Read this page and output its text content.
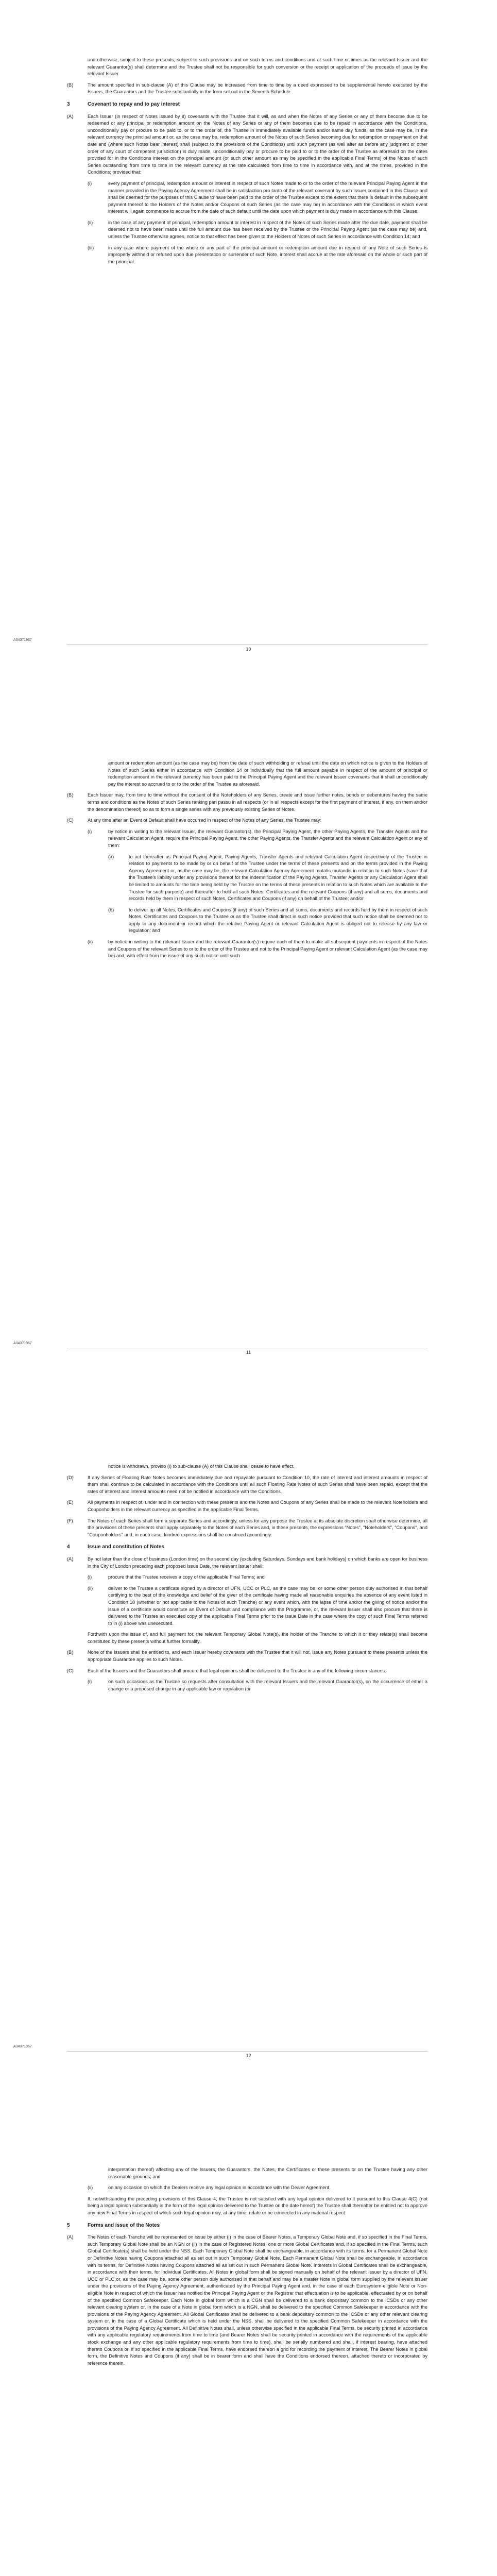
and otherwise, subject to these presents, subject to such provisions and on such terms and conditions and at such time or times as the relevant Issuer and the relevant Guarantor(s) shall determine and the Trustee shall not be responsible for such conversion or the receipt or application of the proceeds of issue by the relevant Issuer.
(B)	The amount specified in sub-clause (A) of this Clause may be increased from time to time by a deed expressed to be supplemental hereto executed by the Issuers, the Guarantors and the Trustee substantially in the form set out in the Seventh Schedule.
3	Covenant to repay and to pay interest
(A)	Each Issuer (in respect of Notes issued by it) covenants with the Trustee that it will, as and when the Notes of any Series or any of them become due to be redeemed or any principal or redemption amount on the Notes of any Series or any of them becomes due to be repaid in accordance with the Conditions, unconditionally pay or procure to be paid to, or to the order of, the Trustee in immediately available funds and/or same day funds, as the case may be, in the relevant currency the principal amount or, as the case may be, redemption amount of the Notes of such Series becoming due for redemption or repayment on that date and (where such Notes bear interest) shall (subject to the provisions of the Conditions) until such payment (as well after as before any judgment or other order of any court of competent jurisdiction) is duly made, unconditionally pay or procure to be paid to or to the order of the Trustee as aforesaid on the dates provided for in the Conditions interest on the principal amount (or such other amount as may be specified in the applicable Final Terms) of the Notes of such Series outstanding from time to time in the relevant currency at the rate calculated from time to time in accordance with, and at the times, provided in the Conditions; provided that:
(i)	every payment of principal, redemption amount or interest in respect of such Notes made to or to the order of the relevant Principal Paying Agent in the manner provided in the Paying Agency Agreement shall be in satisfaction pro tanto of the relevant covenant by such Issuer contained in this Clause and shall be deemed for the purposes of this Clause to have been paid to the order of the Trustee except to the extent that there is default in the subsequent payment thereof to the Holders of the Notes and/or Coupons of such Series (as the case may be) in accordance with the Conditions in which event interest will again commence to accrue from the date of such default until the date upon which payment is duly made in accordance with this Clause;
(ii)	in the case of any payment of principal, redemption amount or interest in respect of the Notes of such Series made after the due date, payment shall be deemed not to have been made until the full amount due has been received by the Trustee or the Principal Paying Agent (as the case may be) and, unless the Trustee otherwise agrees, notice to that effect has been given to the Holders of Notes of such Series in accordance with Condition 14; and
(iii)	in any case where payment of the whole or any part of the principal amount or redemption amount due in respect of any Note of such Series is improperly withheld or refused upon due presentation or surrender of such Note, interest shall accrue at the rate aforesaid on the whole or such part of the principal
A34371967
10
amount or redemption amount (as the case may be) from the date of such withholding or refusal until the date on which notice is given to the Holders of Notes of such Series either in accordance with Condition 14 or individually that the full amount payable in respect of the amount of principal or redemption amount in the relevant currency has been paid to the Principal Paying Agent and the relevant Issuer covenants that it shall unconditionally pay the interest so accrued to or to the order of the Trustee as aforesaid.
(B)	Each Issuer may, from time to time without the consent of the Noteholders of any Series, create and issue further notes, bonds or debentures having the same terms and conditions as the Notes of such Series ranking pari passu in all respects (or in all respects except for the first payment of interest, if any, on them and/or the denomination thereof) so as to form a single series with any previously existing Series of Notes.
(C)	At any time after an Event of Default shall have occurred in respect of the Notes of any Series, the Trustee may:
(i)	by notice in writing to the relevant Issuer, the relevant Guarantor(s), the Principal Paying Agent, the other Paying Agents, the Transfer Agents and the relevant Calculation Agent, require the Principal Paying Agent, the other Paying Agents, the Transfer Agents and the relevant Calculation Agent or any of them:
(a)	to act thereafter as Principal Paying Agent, Paying Agents, Transfer Agents and relevant Calculation Agent respectively of the Trustee in relation to payments to be made by or on behalf of the Trustee under the terms of these presents and on the terms provided in the Paying Agency Agreement or, as the case may be, the relevant Calculation Agency Agreement mutatis mutandis in relation to such Notes (save that the Trustee's liability under any provisions thereof for the indemnification of the Paying Agents, Transfer Agents or any Calculation Agent shall be limited to amounts for the time being held by the Trustee on the terms of these presents in relation to such Notes which are available to the Trustee for such purpose) and thereafter to hold all such Notes, Certificates and the relevant Coupons (if any) and all sums, documents and records held by them in respect of such Notes, Certificates and Coupons (if any) on behalf of the Trustee; and/or
(b)	to deliver up all Notes, Certificates and Coupons (if any) of such Series and all sums, documents and records held by them in respect of such Notes, Certificates and Coupons to the Trustee or as the Trustee shall direct in such notice provided that such notice shall be deemed not to apply to any document or record which the relative Paying Agent or relevant Calculation Agent is obliged not to release by any law or regulation; and
(ii)	by notice in writing to the relevant Issuer and the relevant Guarantor(s) require each of them to make all subsequent payments in respect of the Notes and Coupons of the relevant Series to or to the order of the Trustee and not to the Principal Paying Agent or relevant Calculation Agent (as the case may be) and, with effect from the issue of any such notice until such
A34371967
11
notice is withdrawn, proviso (i) to sub-clause (A) of this Clause shall cease to have effect.
(D)	If any Series of Floating Rate Notes becomes immediately due and repayable pursuant to Condition 10, the rate of interest and interest amounts in respect of them shall continue to be calculated in accordance with the Conditions until all such Floating Rate Notes of such Series shall have been repaid, except that the rates of interest and interest amounts need not be notified in accordance with the Conditions.
(E)	All payments in respect of, under and in connection with these presents and the Notes and Coupons of any Series shall be made to the relevant Noteholders and Couponholders in the relevant currency as specified in the applicable Final Terms.
(F)	The Notes of each Series shall form a separate Series and accordingly, unless for any purpose the Trustee at its absolute discretion shall otherwise determine, all the provisions of these presents shall apply separately to the Notes of each Series and, in these presents, the expressions "Notes", "Noteholders", "Coupons", and "Couponholders" and, in each case, kindred expressions shall be construed accordingly.
4	Issue and constitution of Notes
(A)	By not later than the close of business (London time) on the second day (excluding Saturdays, Sundays and bank holidays) on which banks are open for business in the City of London preceding each proposed Issue Date, the relevant Issuer shall:
(i)	procure that the Trustee receives a copy of the applicable Final Terms; and
(ii)	deliver to the Trustee a certificate signed by a director of UFN, UCC or PLC, as the case may be, or some other person duly authorised in that behalf certifying to the best of the knowledge and belief of the giver of the certificate having made all reasonable enquiries the absence of any event listed in Condition 10 (whether or not applicable to the Notes of such Tranche) or any event which, with the lapse of time and/or the giving of notice and/or the issue of a certificate would constitute an Event of Default and compliance with the Programme, or, the relevant Issuer shall also procure that there is delivered to the Trustee an executed copy of the applicable Final Terms prior to the Issue Date in the case where the copy of such Final Terms referred to in (i) above was unexecuted.
Forthwith upon the issue of, and full payment for, the relevant Temporary Global Note(s), the holder of the Tranche to which it or they relate(s) shall become constituted by these presents without further formality.
(B)	None of the Issuers shall be entitled to, and each Issuer hereby covenants with the Trustee that it will not, issue any Notes pursuant to these presents unless the appropriate Guarantee applies to such Notes.
(C)	Each of the Issuers and the Guarantors shall procure that legal opinions shall be delivered to the Trustee in any of the following circumstances:
(i)	on such occasions as the Trustee so requests after consultation with the relevant Issuers and the relevant Guarantor(s), on the occurrence of either a change or a proposed change in any applicable law or regulation (or
A34371967
12
interpretation thereof) affecting any of the Issuers, the Guarantors, the Notes, the Certificates or these presents or on the Trustee having any other reasonable grounds; and
(ii)	on any occasion on which the Dealers receive any legal opinion in accordance with the Dealer Agreement.
If, notwithstanding the preceding provisions of this Clause 4, the Trustee is not satisfied with any legal opinion delivered to it pursuant to this Clause 4(C) (not being a legal opinion substantially in the form of the legal opinion delivered to the Trustee on the date hereof) the Trustee shall thereafter be entitled not to approve any new Final Terms in respect of which such legal opinion may, at any time, relate or be connected in any material respect.
5	Forms and issue of the Notes
(A)	The Notes of each Tranche will be represented on issue by either (i) in the case of Bearer Notes, a Temporary Global Note and, if so specified in the Final Terms, such Temporary Global Note shall be an NGN or (ii) in the case of Registered Notes, one or more Global Certificates and, if so specified in the Final Terms, such Global Certificate(s) shall be held under the NSS. Each Temporary Global Note shall be exchangeable, in accordance with its terms, for a Permanent Global Note or Definitive Notes having Coupons attached all as set out in such Temporary Global Note. Each Permanent Global Note shall be exchangeable, in accordance with its terms, for Definitive Notes having Coupons attached all as set out in such Permanent Global Note. Interests in Global Certificates shall be exchangeable, in accordance with their terms, for individual Certificates. All Notes in global form shall be signed manually on behalf of the relevant Issuer by a director of UFN, UCC or PLC or, as the case may be, some other person duly authorised in that behalf and may be a master Note in global form supplied by the relevant Issuer under the provisions of the Paying Agency Agreement, authenticated by the Principal Paying Agent and, in the case of each Eurosystem-eligible Note or Non-eligible Note in respect of which the Issuer has notified the Principal Paying Agent or the Registrar that effectuation is to be applicable, effectuated by or on behalf of the specified Common Safekeeper. Each Note in global form which is a CGN shall be delivered to a bank depositary common to the ICSDs or any other relevant clearing system or, in the case of a Note in global form which is a NGN, shall be delivered to the specified Common Safekeeper in accordance with the provisions of the Paying Agency Agreement. All Global Certificates shall be delivered to a bank depositary common to the ICSDs or any other relevant clearing system or, in the case of a Global Certificate which is held under the NSS, shall be delivered to the specified Common Safekeeper in accordance with the provisions of the Paying Agency Agreement. All Definitive Notes shall, unless otherwise specified in the applicable Final Terms, be security printed in accordance with any applicable regulatory requirements from time to time (and Bearer Notes shall be security printed in accordance with the requirements of the applicable stock exchange and any other applicable regulatory requirements from time to time), shall be serially numbered and shall, if interest bearing, have attached thereto Coupons or, if so specified in the applicable Final Terms, have endorsed thereon a grid for recording the payment of interest. The Bearer Notes in global form, the Definitive Notes and Coupons (if any) shall be in bearer form and shall have the Conditions endorsed thereon, attached thereto or incorporated by reference therein.
